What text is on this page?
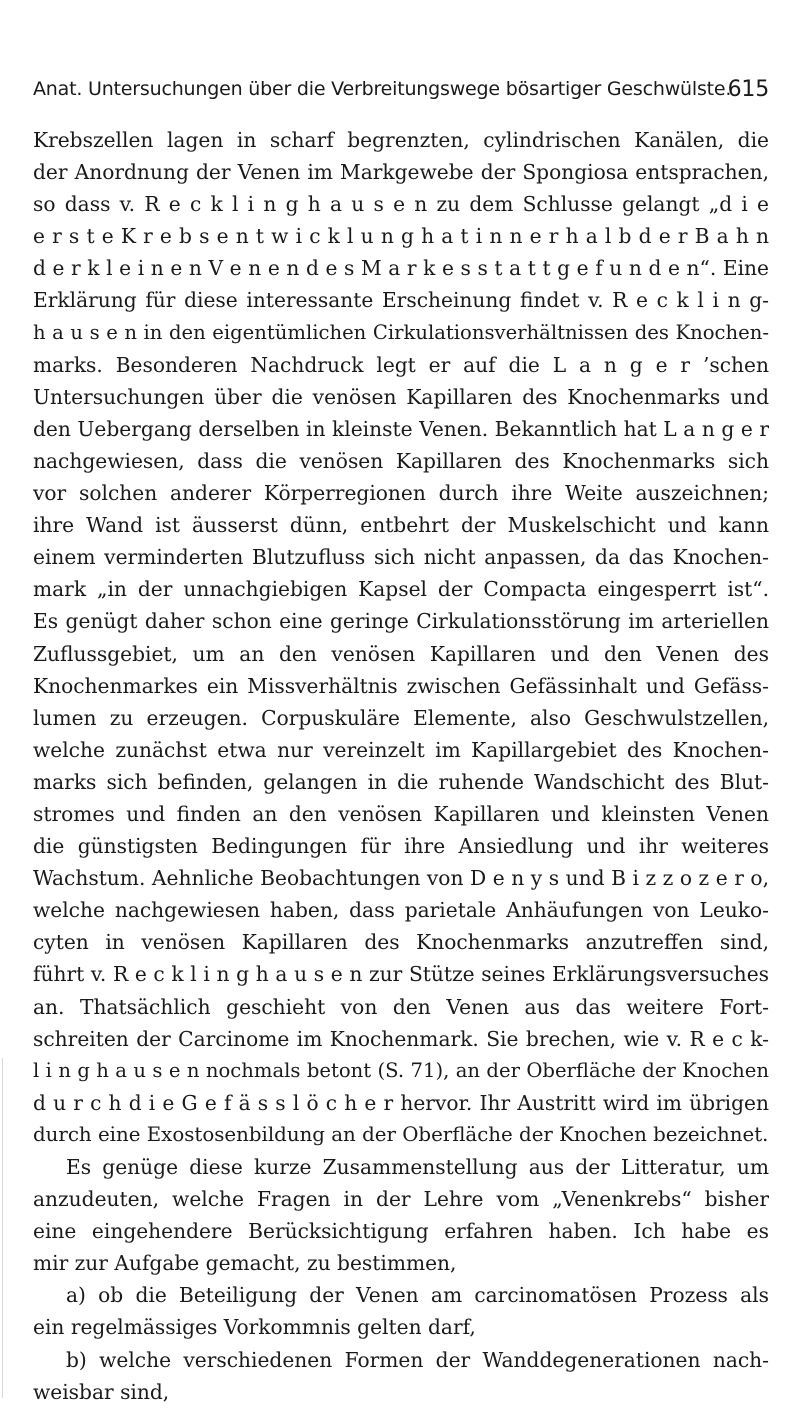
Anat. Untersuchungen über die Verbreitungswege bösartiger Geschwülste.
615
Krebszellen lagen in scharf begrenzten, cylindrischen Kanälen, die
der Anordnung der Venen im Markgewebe der Spongiosa entsprachen,
so dass v. R e c k l i n g h a u s e n zu dem Schlusse gelangt „d i e
e r s t e K r e b s e n t w i c k l u n g h a t i n n e r h a l b d e r B a h n
d e r k l e i n e n V e n e n d e s M a r k e s s t a t t g e f u n d e n“. Eine
Erklärung für diese interessante Erscheinung findet v. R e c k l i n g-
h a u s e n in den eigentümlichen Cirkulationsverhältnissen des Knochen-
marks. Besonderen Nachdruck legt er auf die L a n g e r ’schen
Untersuchungen über die venösen Kapillaren des Knochenmarks und
den Uebergang derselben in kleinste Venen. Bekanntlich hat L a n g e r
nachgewiesen, dass die venösen Kapillaren des Knochenmarks sich
vor solchen anderer Körperregionen durch ihre Weite auszeichnen;
ihre Wand ist äusserst dünn, entbehrt der Muskelschicht und kann
einem verminderten Blutzufluss sich nicht anpassen, da das Knochen-
mark „in der unnachgiebigen Kapsel der Compacta eingesperrt ist“.
Es genügt daher schon eine geringe Cirkulationsstörung im arteriellen
Zuflussgebiet, um an den venösen Kapillaren und den Venen des
Knochenmarkes ein Missverhältnis zwischen Gefässinhalt und Gefäss-
lumen zu erzeugen. Corpuskuläre Elemente, also Geschwulstzellen,
welche zunächst etwa nur vereinzelt im Kapillargebiet des Knochen-
marks sich befinden, gelangen in die ruhende Wandschicht des Blut-
stromes und finden an den venösen Kapillaren und kleinsten Venen
die günstigsten Bedingungen für ihre Ansiedlung und ihr weiteres
Wachstum. Aehnliche Beobachtungen von D e n y s und B i z z o z e r o,
welche nachgewiesen haben, dass parietale Anhäufungen von Leuko-
cyten in venösen Kapillaren des Knochenmarks anzutreffen sind,
führt v. R e c k l i n g h a u s e n zur Stütze seines Erklärungsversuches
an. Thatsächlich geschieht von den Venen aus das weitere Fort-
schreiten der Carcinome im Knochenmark. Sie brechen, wie v. R e c k-
l i n g h a u s e n nochmals betont (S. 71), an der Oberfläche der Knochen
d u r c h d i e G e f ä s s l ö c h e r hervor. Ihr Austritt wird im übrigen
durch eine Exostosenbildung an der Oberfläche der Knochen bezeichnet.
Es genüge diese kurze Zusammenstellung aus der Litteratur, um
anzudeuten, welche Fragen in der Lehre vom „Venenkrebs“ bisher
eine eingehendere Berücksichtigung erfahren haben. Ich habe es
mir zur Aufgabe gemacht, zu bestimmen,
a) ob die Beteiligung der Venen am carcinomatösen Prozess als
ein regelmässiges Vorkommnis gelten darf,
b) welche verschiedenen Formen der Wanddegenerationen nach-
weisbar sind,
